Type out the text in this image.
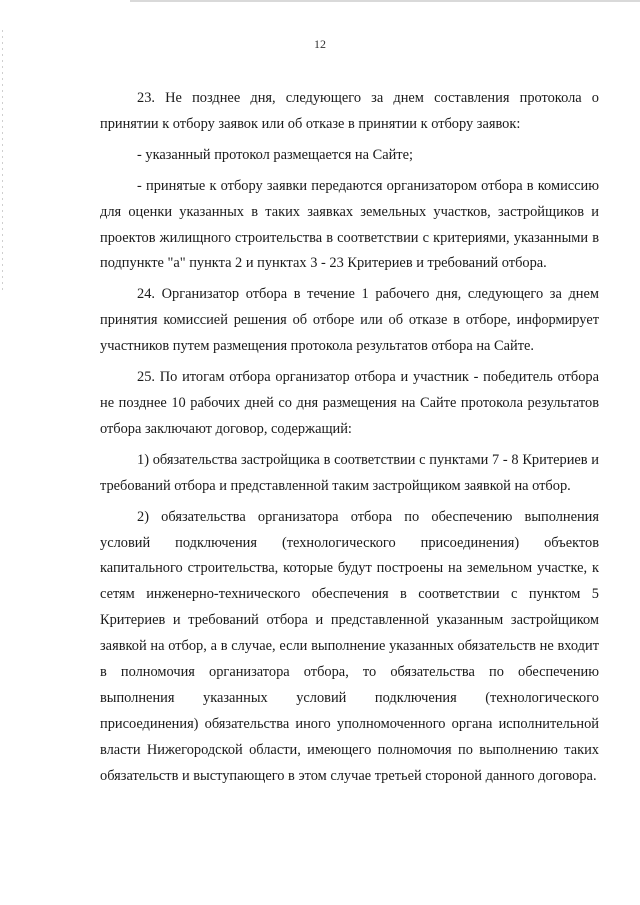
12

23. Не позднее дня, следующего за днем составления протокола о принятии к отбору заявок или об отказе в принятии к отбору заявок:

- указанный протокол размещается на Сайте;

- принятые к отбору заявки передаются организатором отбора в комиссию для оценки указанных в таких заявках земельных участков, застройщиков и проектов жилищного строительства в соответствии с критериями, указанными в подпункте "а" пункта 2 и пунктах 3 - 23 Критериев и требований отбора.

24. Организатор отбора в течение 1 рабочего дня, следующего за днем принятия комиссией решения об отборе или об отказе в отборе, информирует участников путем размещения протокола результатов отбора на Сайте.

25. По итогам отбора организатор отбора и участник - победитель отбора не позднее 10 рабочих дней со дня размещения на Сайте протокола результатов отбора заключают договор, содержащий:

1) обязательства застройщика в соответствии с пунктами 7 - 8 Критериев и требований отбора и представленной таким застройщиком заявкой на отбор.

2) обязательства организатора отбора по обеспечению выполнения условий подключения (технологического присоединения) объектов капитального строительства, которые будут построены на земельном участке, к сетям инженерно-технического обеспечения в соответствии с пунктом 5 Критериев и требований отбора и представленной указанным застройщиком заявкой на отбор, а в случае, если выполнение указанных обязательств не входит в полномочия организатора отбора, то обязательства по обеспечению выполнения указанных условий подключения (технологического присоединения) обязательства иного уполномоченного органа исполнительной власти Нижегородской области, имеющего полномочия по выполнению таких обязательств и выступающего в этом случае третьей стороной данного договора.
